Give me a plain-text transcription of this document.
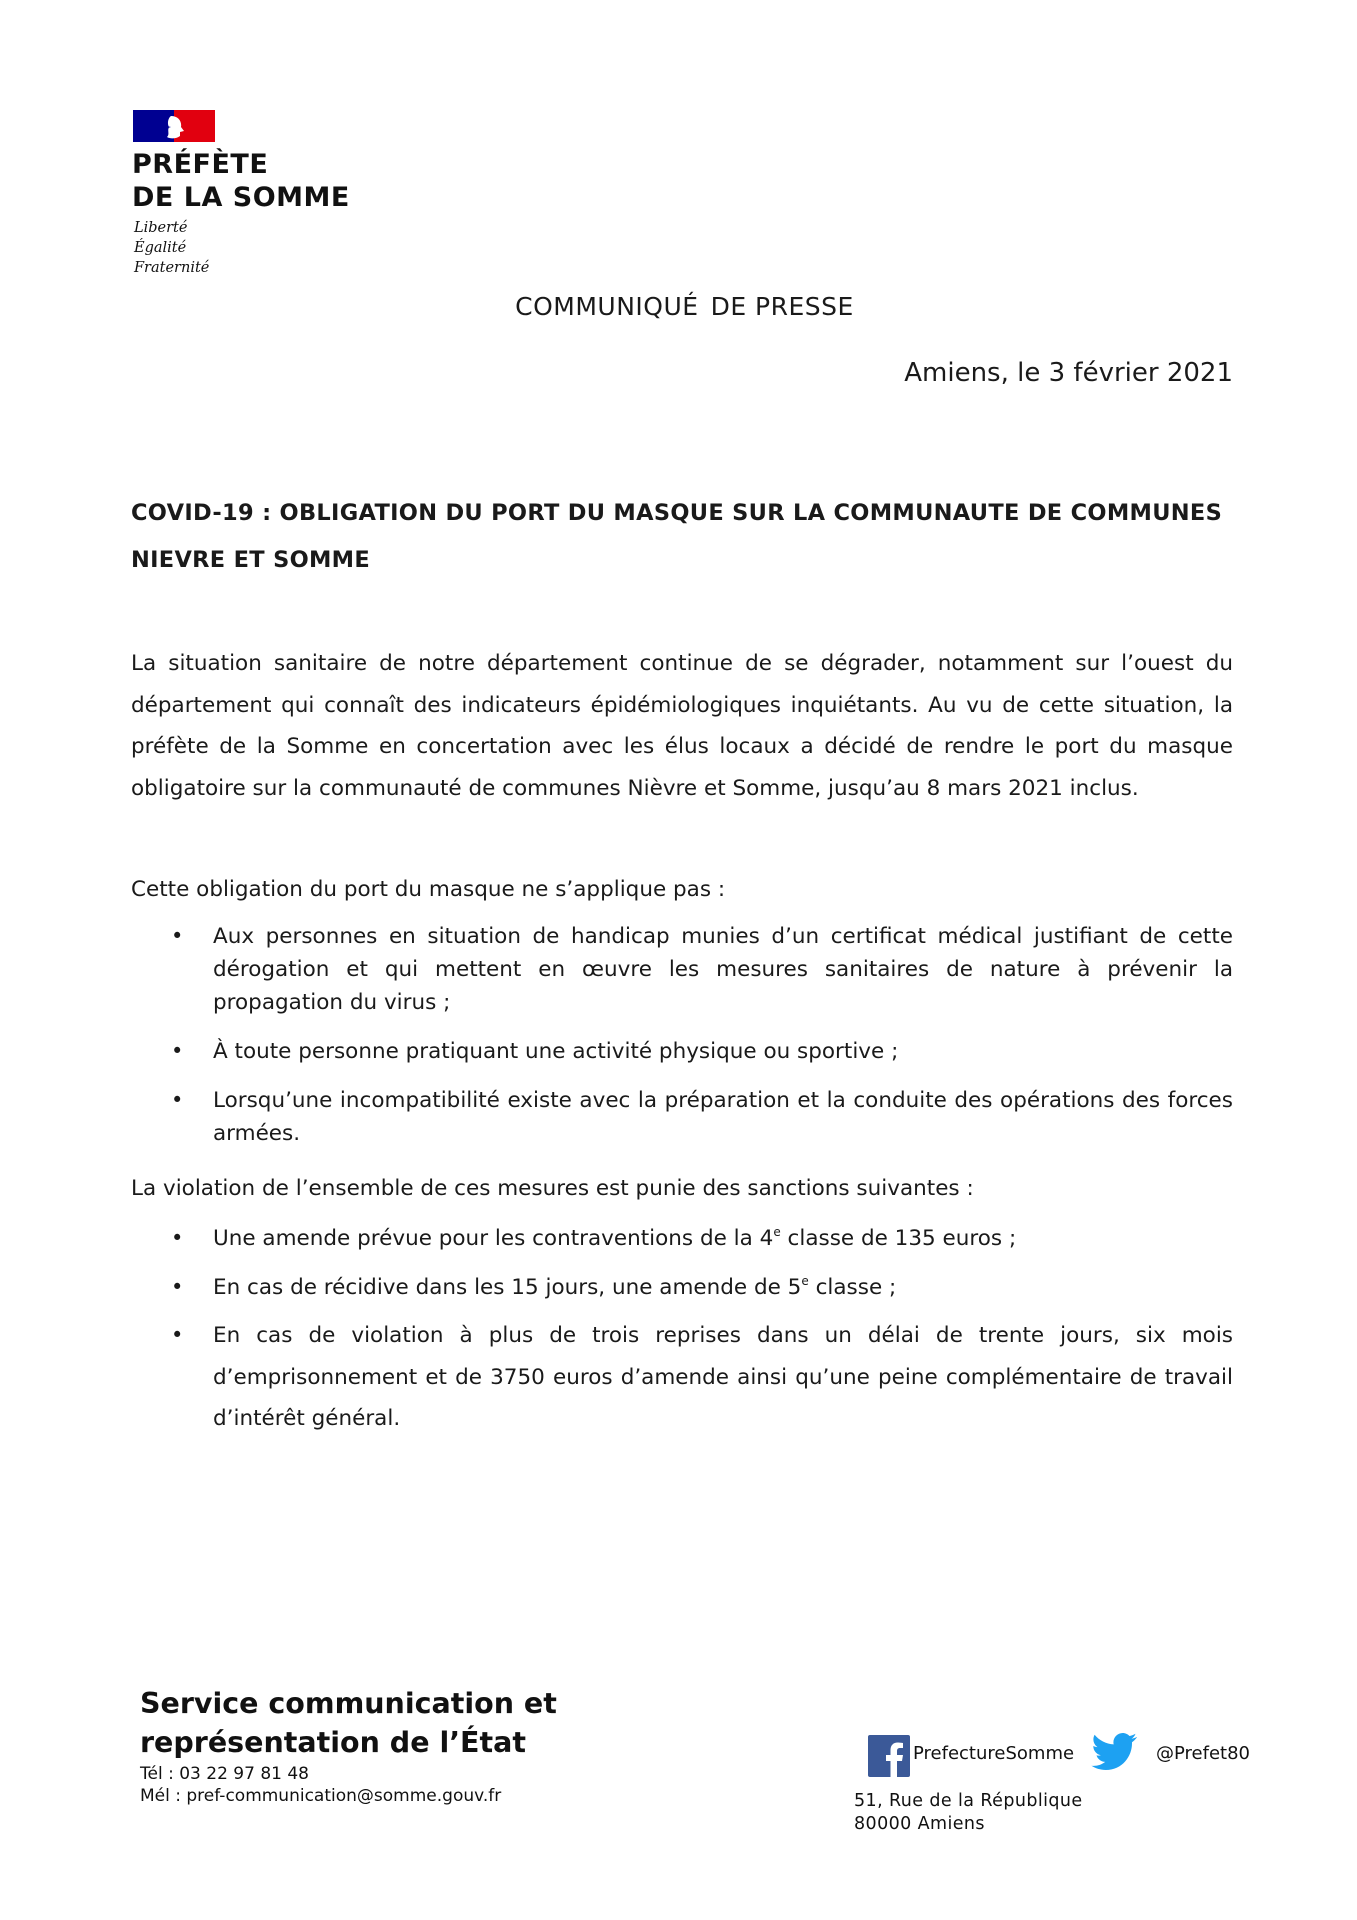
PRÉFÈTE
DE LA SOMME
Liberté
Égalité
Fraternité
COMMUNIQUÉ DE PRESSE
Amiens, le 3 février 2021
COVID-19 : OBLIGATION DU PORT DU MASQUE SUR LA COMMUNAUTE DE COMMUNES
NIEVRE ET SOMME
La situation sanitaire de notre département continue de se dégrader, notamment sur l’ouest du département qui connaît des indicateurs épidémiologiques inquiétants. Au vu de cette situation, la préfète de la Somme en concertation avec les élus locaux a décidé de rendre le port du masque obligatoire sur la communauté de communes Nièvre et Somme, jusqu’au 8 mars 2021 inclus.
Cette obligation du port du masque ne s’applique pas :
• Aux personnes en situation de handicap munies d’un certificat médical justifiant de cette dérogation et qui mettent en œuvre les mesures sanitaires de nature à prévenir la propagation du virus ;
• À toute personne pratiquant une activité physique ou sportive ;
• Lorsqu’une incompatibilité existe avec la préparation et la conduite des opérations des forces armées.
La violation de l’ensemble de ces mesures est punie des sanctions suivantes :
• Une amende prévue pour les contraventions de la 4e classe de 135 euros ;
• En cas de récidive dans les 15 jours, une amende de 5e classe ;
• En cas de violation à plus de trois reprises dans un délai de trente jours, six mois d’emprisonnement et de 3750 euros d’amende ainsi qu’une peine complémentaire de travail d’intérêt général.
Service communication et
représentation de l’État
Tél : 03 22 97 81 48
Mél : pref-communication@somme.gouv.fr
PrefectureSomme	@Prefet80
51, Rue de la République
80000 Amiens
